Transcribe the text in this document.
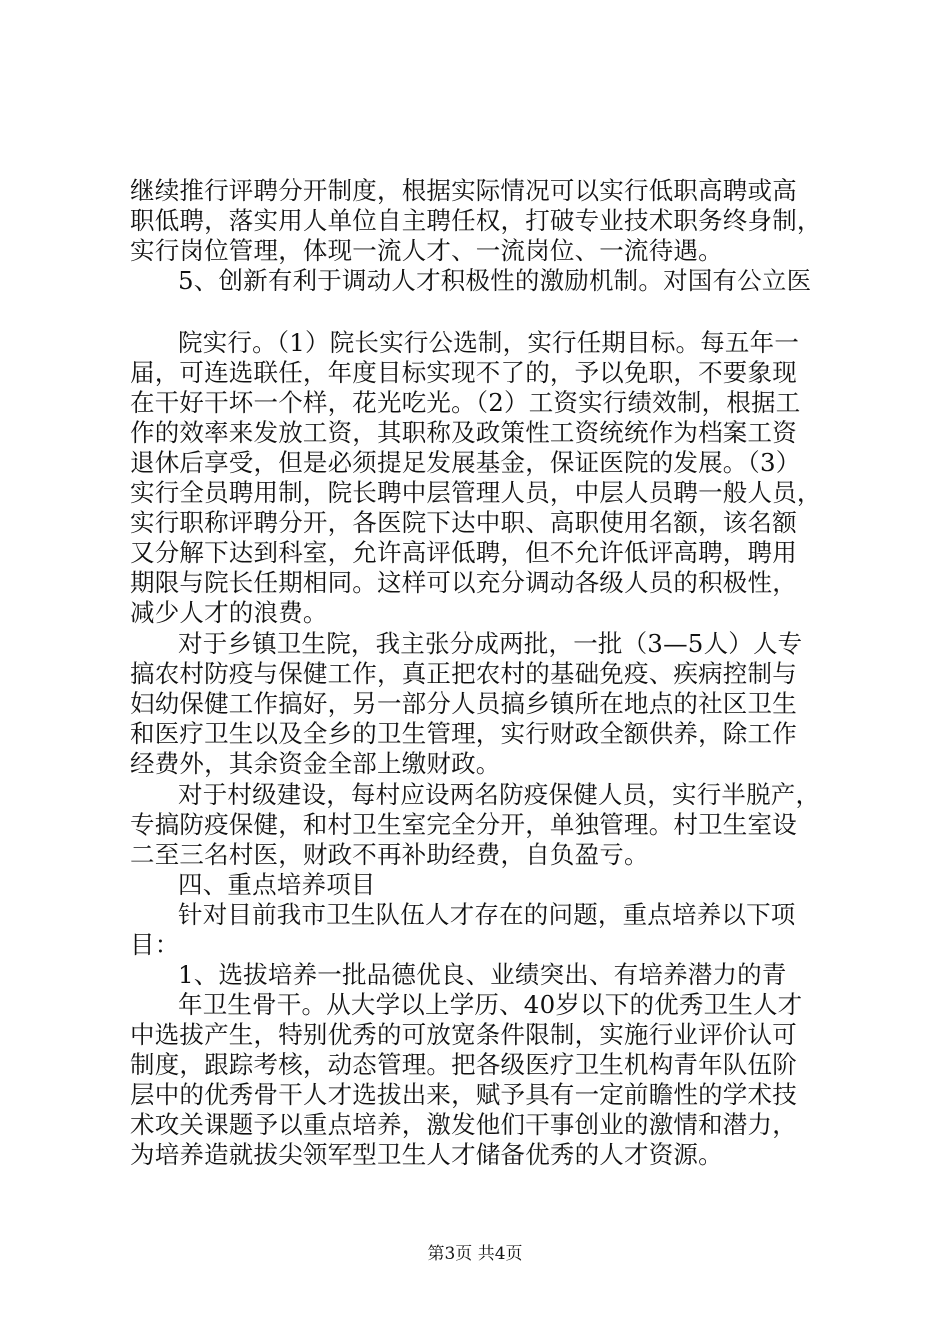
继续推行评聘分开制度，根据实际情况可以实行低职高聘或高
职低聘，落实用人单位自主聘任权，打破专业技术职务终身制，
实行岗位管理，体现一流人才、一流岗位、一流待遇。
5、创新有利于调动人才积极性的激励机制。对国有公立医
院实行。（1）院长实行公选制，实行任期目标。每五年一
届，可连选联任，年度目标实现不了的，予以免职，不要象现
在干好干坏一个样，花光吃光。（2）工资实行绩效制，根据工
作的效率来发放工资，其职称及政策性工资统统作为档案工资
退休后享受，但是必须提足发展基金，保证医院的发展。（3）
实行全员聘用制，院长聘中层管理人员，中层人员聘一般人员，
实行职称评聘分开，各医院下达中职、高职使用名额，该名额
又分解下达到科室，允许高评低聘，但不允许低评高聘，聘用
期限与院长任期相同。这样可以充分调动各级人员的积极性，
减少人才的浪费。
对于乡镇卫生院，我主张分成两批，一批（3—5人）人专
搞农村防疫与保健工作，真正把农村的基础免疫、疾病控制与
妇幼保健工作搞好，另一部分人员搞乡镇所在地点的社区卫生
和医疗卫生以及全乡的卫生管理，实行财政全额供养，除工作
经费外，其余资金全部上缴财政。
对于村级建设，每村应设两名防疫保健人员，实行半脱产，
专搞防疫保健，和村卫生室完全分开，单独管理。村卫生室设
二至三名村医，财政不再补助经费，自负盈亏。
四、重点培养项目
针对目前我市卫生队伍人才存在的问题，重点培养以下项
目：
1、选拔培养一批品德优良、业绩突出、有培养潜力的青
年卫生骨干。从大学以上学历、40岁以下的优秀卫生人才
中选拔产生，特别优秀的可放宽条件限制，实施行业评价认可
制度，跟踪考核，动态管理。把各级医疗卫生机构青年队伍阶
层中的优秀骨干人才选拔出来，赋予具有一定前瞻性的学术技
术攻关课题予以重点培养，激发他们干事创业的激情和潜力，
为培养造就拔尖领军型卫生人才储备优秀的人才资源。
第3页 共4页
